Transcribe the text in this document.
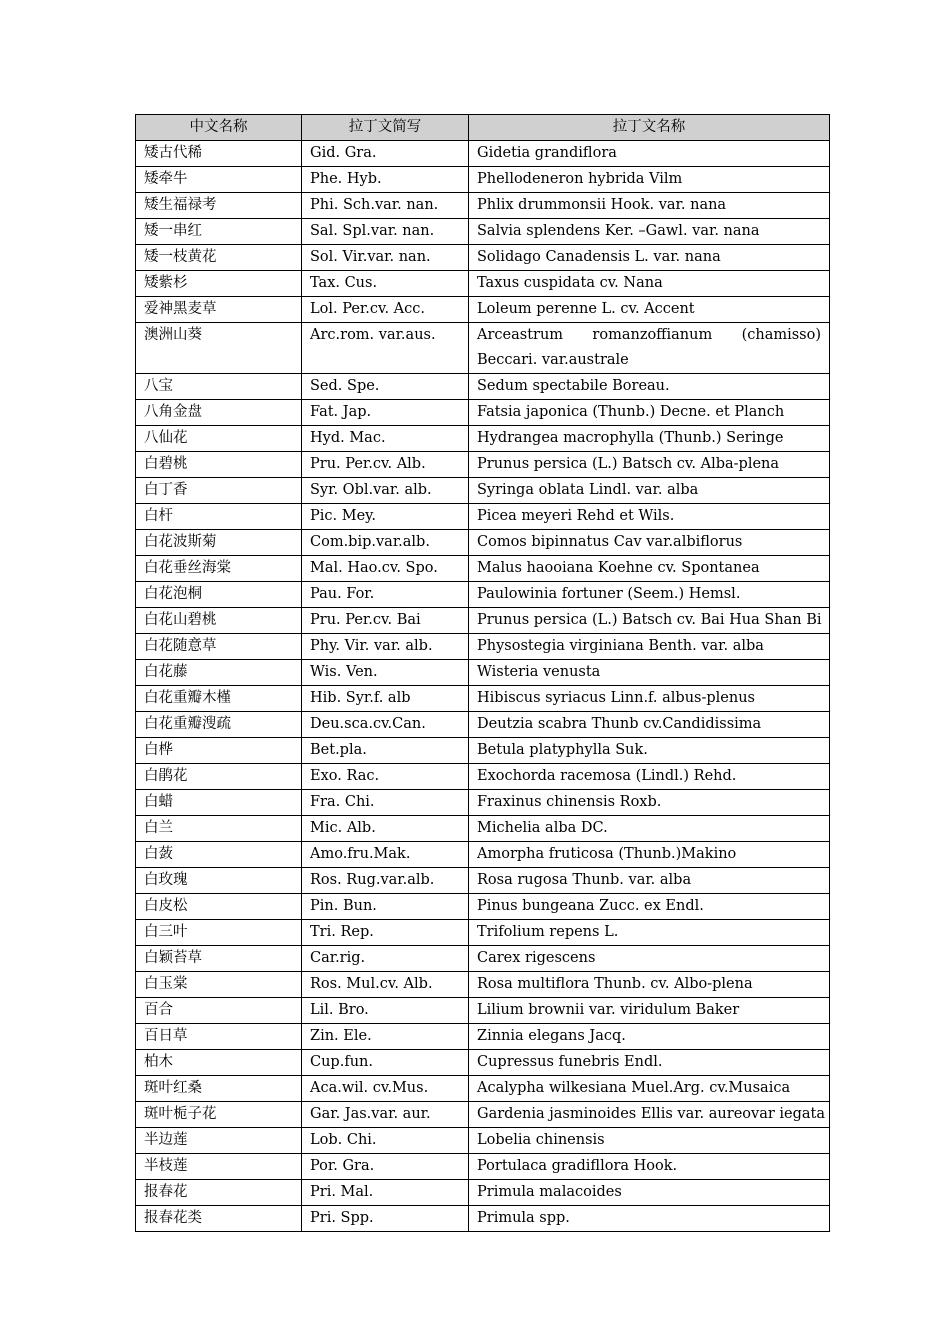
中文名称	拉丁文简写	拉丁文名称
矮古代稀	Gid. Gra.	Gidetia grandiflora
矮牵牛	Phe. Hyb.	Phellodeneron hybrida Vilm
矮生福禄考	Phi. Sch.var. nan.	Phlix drummonsii Hook. var. nana
矮一串红	Sal. Spl.var. nan.	Salvia splendens Ker. –Gawl. var. nana
矮一枝黄花	Sol. Vir.var. nan.	Solidago Canadensis L. var. nana
矮紫杉	Tax. Cus.	Taxus cuspidata cv. Nana
爱神黑麦草	Lol. Per.cv. Acc.	Loleum perenne L. cv. Accent
澳洲山葵	Arc.rom. var.aus.	Arceastrum romanzoffianum (chamisso) Beccari. var.australe
八宝	Sed. Spe.	Sedum spectabile Boreau.
八角金盘	Fat. Jap.	Fatsia japonica (Thunb.) Decne. et Planch
八仙花	Hyd. Mac.	Hydrangea macrophylla (Thunb.) Seringe
白碧桃	Pru. Per.cv. Alb.	Prunus persica (L.) Batsch cv. Alba-plena
白丁香	Syr. Obl.var. alb.	Syringa oblata Lindl. var. alba
白杆	Pic. Mey.	Picea meyeri Rehd et Wils.
白花波斯菊	Com.bip.var.alb.	Comos bipinnatus Cav var.albiflorus
白花垂丝海棠	Mal. Hao.cv. Spo.	Malus haooiana Koehne cv. Spontanea
白花泡桐	Pau. For.	Paulowinia fortuner (Seem.) Hemsl.
白花山碧桃	Pru. Per.cv. Bai	Prunus persica (L.) Batsch cv. Bai Hua Shan Bi
白花随意草	Phy. Vir. var. alb.	Physostegia virginiana Benth. var. alba
白花藤	Wis. Ven.	Wisteria venusta
白花重瓣木槿	Hib. Syr.f. alb	Hibiscus syriacus Linn.f. albus-plenus
白花重瓣溲疏	Deu.sca.cv.Can.	Deutzia scabra Thunb cv.Candidissima
白桦	Bet.pla.	Betula platyphylla Suk.
白鹃花	Exo. Rac.	Exochorda racemosa (Lindl.) Rehd.
白蜡	Fra. Chi.	Fraxinus chinensis Roxb.
白兰	Mic. Alb.	Michelia alba DC.
白蔹	Amo.fru.Mak.	Amorpha fruticosa (Thunb.)Makino
白玫瑰	Ros. Rug.var.alb.	Rosa rugosa Thunb. var. alba
白皮松	Pin. Bun.	Pinus bungeana Zucc. ex Endl.
白三叶	Tri. Rep.	Trifolium repens L.
白颖苔草	Car.rig.	Carex rigescens
白玉棠	Ros. Mul.cv. Alb.	Rosa multiflora Thunb. cv. Albo-plena
百合	Lil. Bro.	Lilium brownii var. viridulum Baker
百日草	Zin. Ele.	Zinnia elegans Jacq.
柏木	Cup.fun.	Cupressus funebris Endl.
斑叶红桑	Aca.wil. cv.Mus.	Acalypha wilkesiana Muel.Arg. cv.Musaica
斑叶栀子花	Gar. Jas.var. aur.	Gardenia jasminoides Ellis var. aureovar iegata
半边莲	Lob. Chi.	Lobelia chinensis
半枝莲	Por. Gra.	Portulaca gradifllora Hook.
报春花	Pri. Mal.	Primula malacoides
报春花类	Pri. Spp.	Primula spp.
